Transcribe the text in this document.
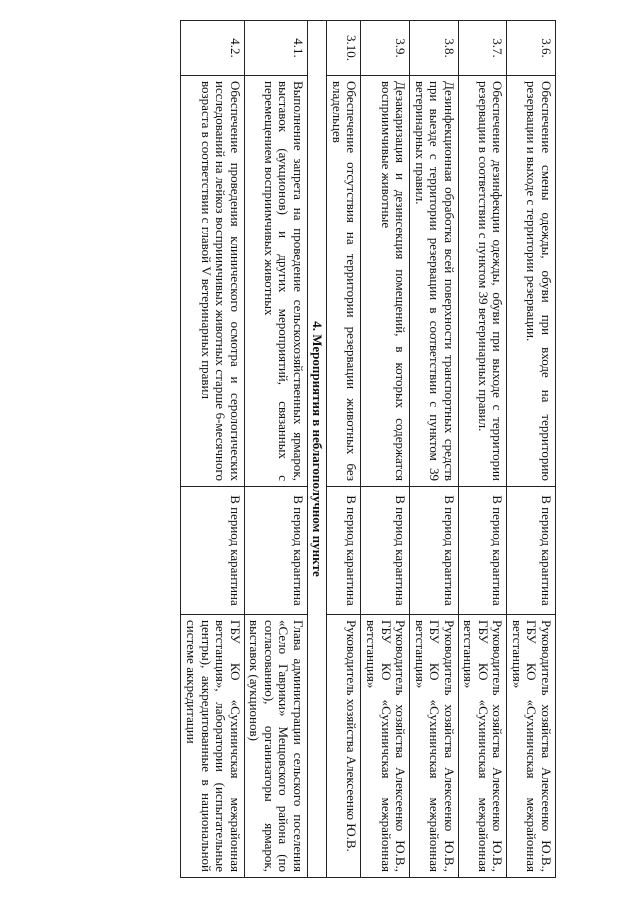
3.6.	Обеспечение смены одежды, обуви при входе на территорию резервации и выходе с территории резервации.	В период карантина	Руководитель хозяйства Алексеенко Ю.В., ГБУ КО «Сухиничская межрайонная ветстанция»
3.7.	Обеспечение дезинфекции одежды, обуви при выходе с территории резервации в соответствии с пунктом 39 ветеринарных правил.	В период карантина	Руководитель хозяйства Алексеенко Ю.В., ГБУ КО «Сухиничская межрайонная ветстанция»
3.8.	Дезинфекционная обработка всей поверхности транспортных средств при выезде с территории резервации в соответствии с пунктом 39 ветеринарных правил.	В период карантина	Руководитель хозяйства Алексеенко Ю.В., ГБУ КО «Сухиничская межрайонная ветстанция»
3.9.	Дезакаризация и дезинсекция помещений, в которых содержатся восприимчивые животные	В период карантина	Руководитель хозяйства Алексеенко Ю.В., ГБУ КО «Сухиничская межрайонная ветстанция»
3.10.	Обеспечение отсутствия на территории резервации животных без владельцев	В период карантина	Руководитель хозяйства Алексеенко Ю.В.
4. Мероприятия в неблагополучном пункте			
4.1.	Выполнение запрета на проведение сельскохозяйственных ярмарок, выставок (аукционов) и других мероприятий, связанных с перемещением восприимчивых животных	В период карантина	Глава администрации сельского поселения «Село Гаврики» Мещовского района (по согласованию), организаторы ярмарок, выставок (аукционов)
4.2.	Обеспечение проведения клинического осмотра и серологических исследований на лейкоз восприимчивых животных старше 6-месячного возраста в соответствии с главой V ветеринарных правил	В период карантина	ГБУ КО «Сухиничская межрайонная ветстанция», лаборатории (испытательные центры), аккредитованные в национальной системе аккредитации
